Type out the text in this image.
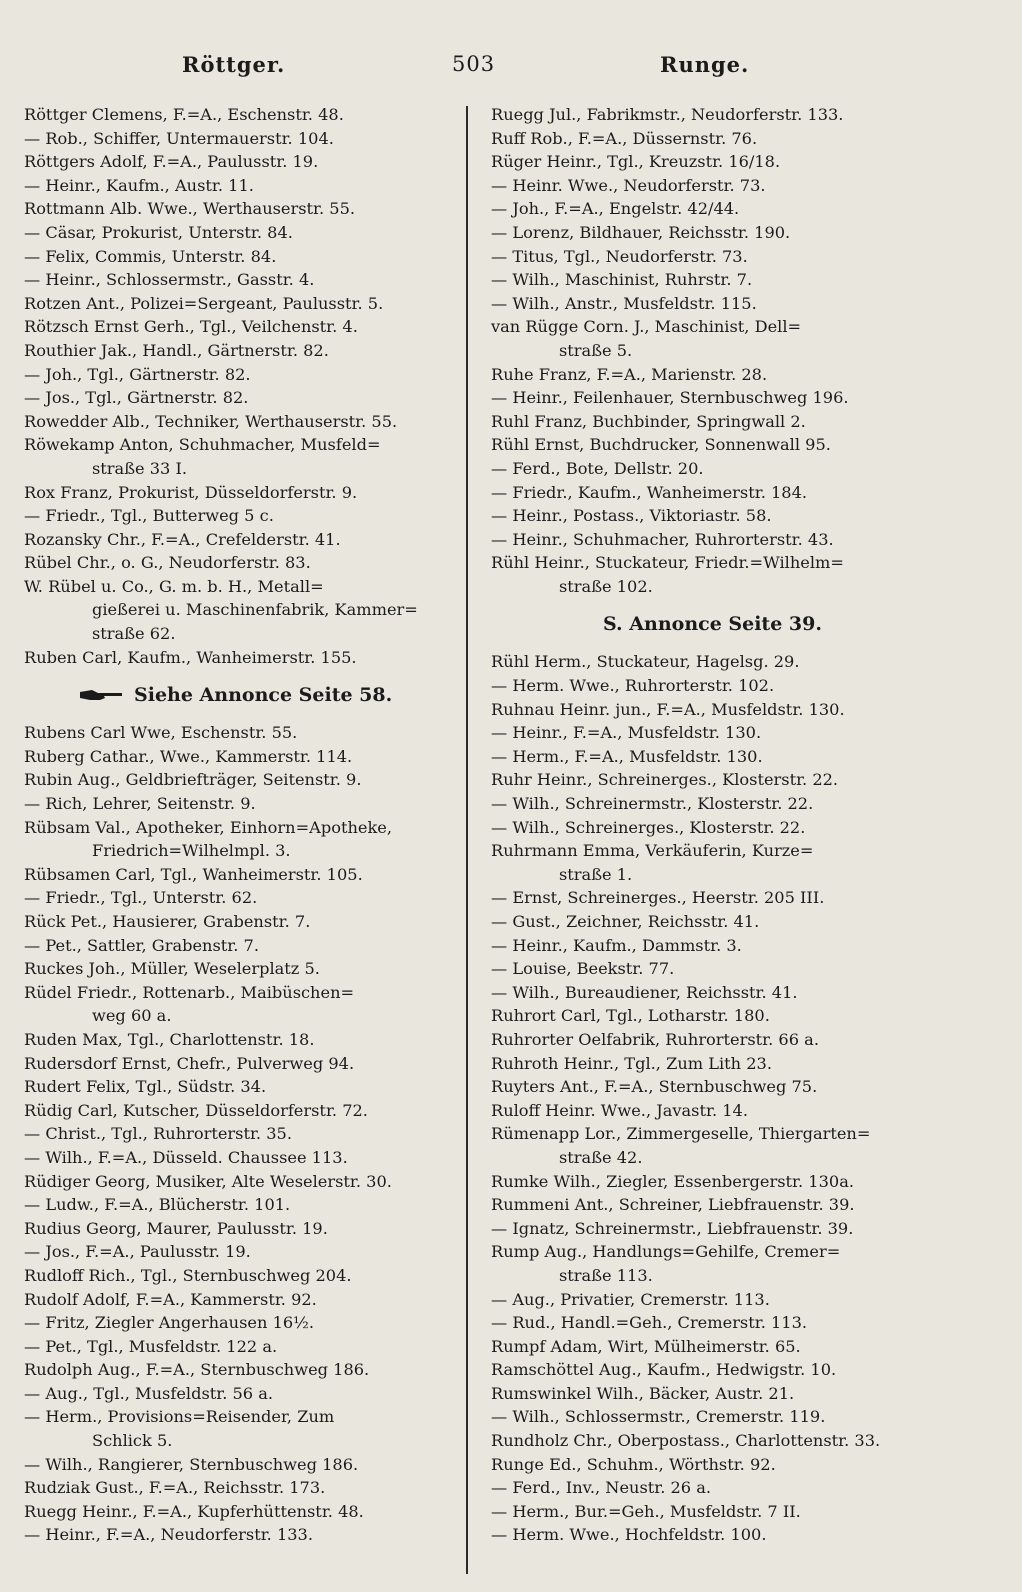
Röttger.	503	Runge.
Röttger Clemens, F.=A., Eschenstr. 48.
— Rob., Schiffer, Untermauerstr. 104.
Röttgers Adolf, F.=A., Paulusstr. 19.
— Heinr., Kaufm., Austr. 11.
Rottmann Alb. Wwe., Werthauserstr. 55.
— Cäsar, Prokurist, Unterstr. 84.
— Felix, Commis, Unterstr. 84.
— Heinr., Schlossermstr., Gasstr. 4.
Rotzen Ant., Polizei=Sergeant, Paulusstr. 5.
Rötzsch Ernst Gerh., Tgl., Veilchenstr. 4.
Routhier Jak., Handl., Gärtnerstr. 82.
— Joh., Tgl., Gärtnerstr. 82.
— Jos., Tgl., Gärtnerstr. 82.
Rowedder Alb., Techniker, Werthauserstr. 55.
Röwekamp Anton, Schuhmacher, Musfeld=
straße 33 I.
Rox Franz, Prokurist, Düsseldorferstr. 9.
— Friedr., Tgl., Butterweg 5 c.
Rozansky Chr., F.=A., Crefelderstr. 41.
Rübel Chr., o. G., Neudorferstr. 83.
W. Rübel u. Co., G. m. b. H., Metall=
gießerei u. Maschinenfabrik, Kammer=
straße 62.
Ruben Carl, Kaufm., Wanheimerstr. 155.
Siehe Annonce Seite 58.
Rubens Carl Wwe, Eschenstr. 55.
Ruberg Cathar., Wwe., Kammerstr. 114.
Rubin Aug., Geldbriefträger, Seitenstr. 9.
— Rich, Lehrer, Seitenstr. 9.
Rübsam Val., Apotheker, Einhorn=Apotheke,
Friedrich=Wilhelmpl. 3.
Rübsamen Carl, Tgl., Wanheimerstr. 105.
— Friedr., Tgl., Unterstr. 62.
Rück Pet., Hausierer, Grabenstr. 7.
— Pet., Sattler, Grabenstr. 7.
Ruckes Joh., Müller, Weselerplatz 5.
Rüdel Friedr., Rottenarb., Maibüschen=
weg 60 a.
Ruden Max, Tgl., Charlottenstr. 18.
Rudersdorf Ernst, Chefr., Pulverweg 94.
Rudert Felix, Tgl., Südstr. 34.
Rüdig Carl, Kutscher, Düsseldorferstr. 72.
— Christ., Tgl., Ruhrorterstr. 35.
— Wilh., F.=A., Düsseld. Chaussee 113.
Rüdiger Georg, Musiker, Alte Weselerstr. 30.
— Ludw., F.=A., Blücherstr. 101.
Rudius Georg, Maurer, Paulusstr. 19.
— Jos., F.=A., Paulusstr. 19.
Rudloff Rich., Tgl., Sternbuschweg 204.
Rudolf Adolf, F.=A., Kammerstr. 92.
— Fritz, Ziegler Angerhausen 16½.
— Pet., Tgl., Musfeldstr. 122 a.
Rudolph Aug., F.=A., Sternbuschweg 186.
— Aug., Tgl., Musfeldstr. 56 a.
— Herm., Provisions=Reisender, Zum
Schlick 5.
— Wilh., Rangierer, Sternbuschweg 186.
Rudziak Gust., F.=A., Reichsstr. 173.
Ruegg Heinr., F.=A., Kupferhüttenstr. 48.
— Heinr., F.=A., Neudorferstr. 133.
Ruegg Jul., Fabrikmstr., Neudorferstr. 133.
Ruff Rob., F.=A., Düssernstr. 76.
Rüger Heinr., Tgl., Kreuzstr. 16/18.
— Heinr. Wwe., Neudorferstr. 73.
— Joh., F.=A., Engelstr. 42/44.
— Lorenz, Bildhauer, Reichsstr. 190.
— Titus, Tgl., Neudorferstr. 73.
— Wilh., Maschinist, Ruhrstr. 7.
— Wilh., Anstr., Musfeldstr. 115.
van Rügge Corn. J., Maschinist, Dell=
straße 5.
Ruhe Franz, F.=A., Marienstr. 28.
— Heinr., Feilenhauer, Sternbuschweg 196.
Ruhl Franz, Buchbinder, Springwall 2.
Rühl Ernst, Buchdrucker, Sonnenwall 95.
— Ferd., Bote, Dellstr. 20.
— Friedr., Kaufm., Wanheimerstr. 184.
— Heinr., Postass., Viktoriastr. 58.
— Heinr., Schuhmacher, Ruhrorterstr. 43.
Rühl Heinr., Stuckateur, Friedr.=Wilhelm=
straße 102.
S. Annonce Seite 39.
Rühl Herm., Stuckateur, Hagelsg. 29.
— Herm. Wwe., Ruhrorterstr. 102.
Ruhnau Heinr. jun., F.=A., Musfeldstr. 130.
— Heinr., F.=A., Musfeldstr. 130.
— Herm., F.=A., Musfeldstr. 130.
Ruhr Heinr., Schreinerges., Klosterstr. 22.
— Wilh., Schreinermstr., Klosterstr. 22.
— Wilh., Schreinerges., Klosterstr. 22.
Ruhrmann Emma, Verkäuferin, Kurze=
straße 1.
— Ernst, Schreinerges., Heerstr. 205 III.
— Gust., Zeichner, Reichsstr. 41.
— Heinr., Kaufm., Dammstr. 3.
— Louise, Beekstr. 77.
— Wilh., Bureaudiener, Reichsstr. 41.
Ruhrort Carl, Tgl., Lotharstr. 180.
Ruhrorter Oelfabrik, Ruhrorterstr. 66 a.
Ruhroth Heinr., Tgl., Zum Lith 23.
Ruyters Ant., F.=A., Sternbuschweg 75.
Ruloff Heinr. Wwe., Javastr. 14.
Rümenapp Lor., Zimmergeselle, Thiergarten=
straße 42.
Rumke Wilh., Ziegler, Essenbergerstr. 130a.
Rummeni Ant., Schreiner, Liebfrauenstr. 39.
— Ignatz, Schreinermstr., Liebfrauenstr. 39.
Rump Aug., Handlungs=Gehilfe, Cremer=
straße 113.
— Aug., Privatier, Cremerstr. 113.
— Rud., Handl.=Geh., Cremerstr. 113.
Rumpf Adam, Wirt, Mülheimerstr. 65.
Ramschöttel Aug., Kaufm., Hedwigstr. 10.
Rumswinkel Wilh., Bäcker, Austr. 21.
— Wilh., Schlossermstr., Cremerstr. 119.
Rundholz Chr., Oberpostass., Charlottenstr. 33.
Runge Ed., Schuhm., Wörthstr. 92.
— Ferd., Inv., Neustr. 26 a.
— Herm., Bur.=Geh., Musfeldstr. 7 II.
— Herm. Wwe., Hochfeldstr. 100.
